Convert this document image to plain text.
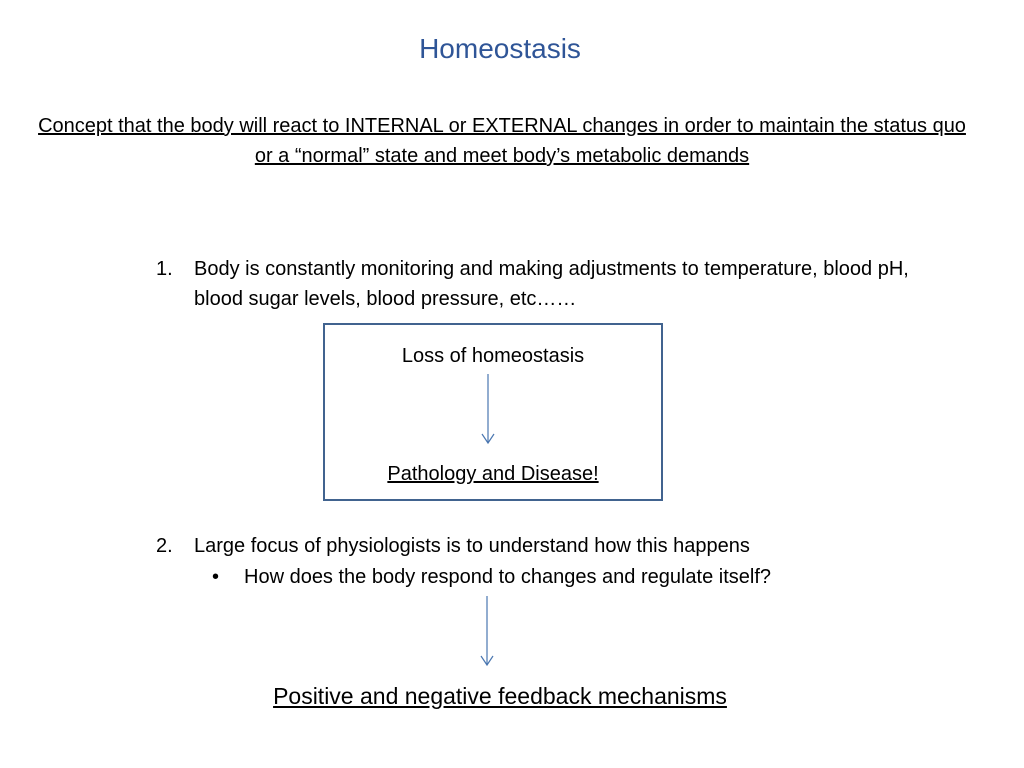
Homeostasis
Concept that the body will react to INTERNAL or EXTERNAL changes in order to maintain the status quo or a “normal” state and meet body’s metabolic demands
1. Body is constantly monitoring and making adjustments to temperature, blood pH, blood sugar levels, blood pressure, etc……
Loss of homeostasis
Pathology and Disease!
2. Large focus of physiologists is to understand how this happens
• How does the body respond to changes and regulate itself?
Positive and negative feedback mechanisms
